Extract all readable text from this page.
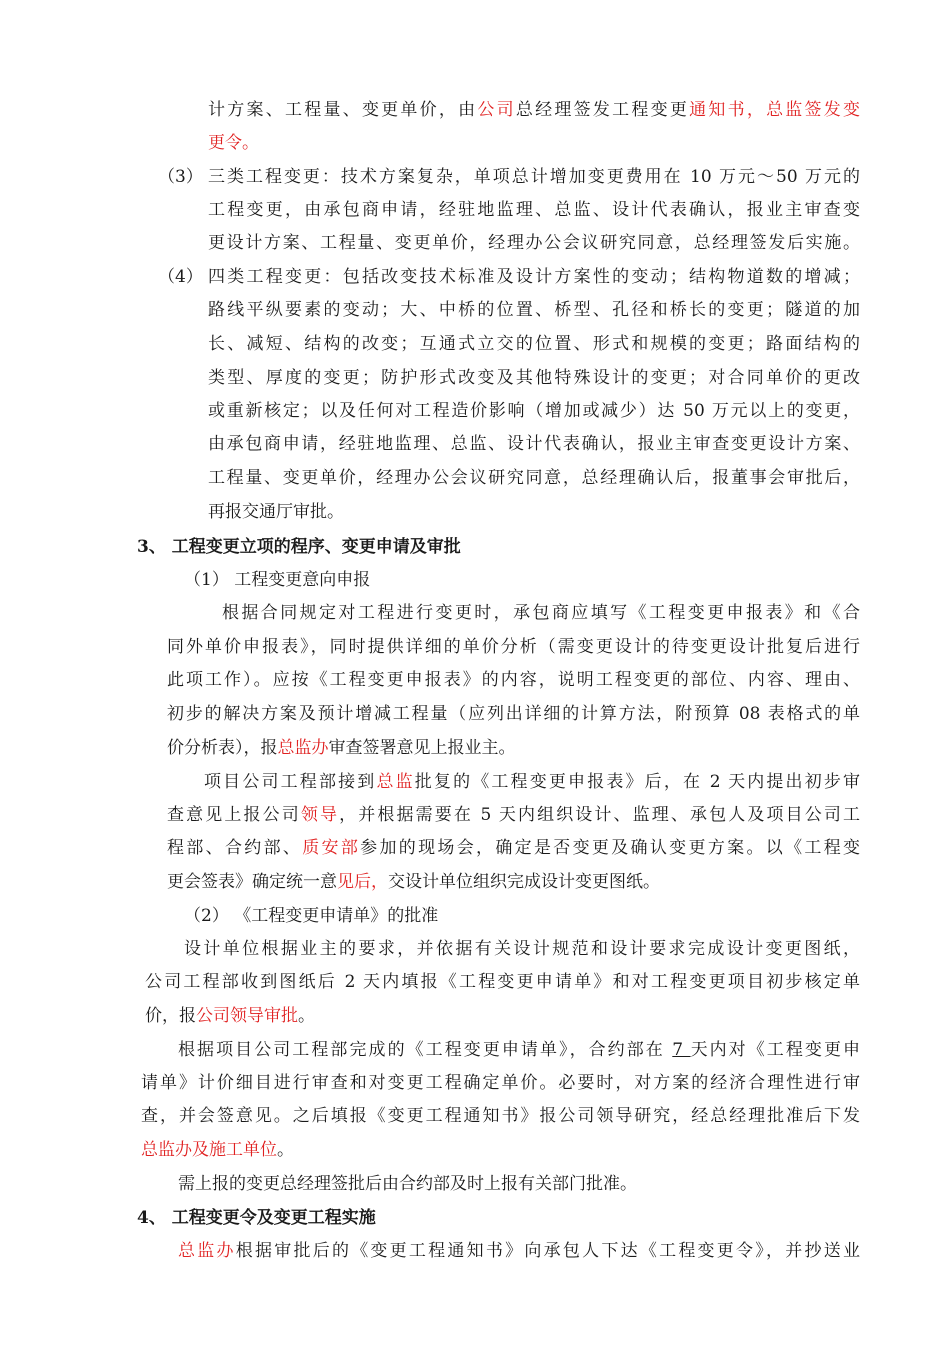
计方案、工程量、变更单价，由公司总经理签发工程变更通知书，总监签发变
更令。
（3） 三类工程变更：技术方案复杂，单项总计增加变更费用在 10 万元～50 万元的
工程变更，由承包商申请，经驻地监理、总监、设计代表确认，报业主审查变
更设计方案、工程量、变更单价，经理办公会议研究同意，总经理签发后实施。
（4） 四类工程变更：包括改变技术标准及设计方案性的变动；结构物道数的增减；
路线平纵要素的变动；大、中桥的位置、桥型、孔径和桥长的变更；隧道的加
长、减短、结构的改变；互通式立交的位置、形式和规模的变更；路面结构的
类型、厚度的变更；防护形式改变及其他特殊设计的变更；对合同单价的更改
或重新核定；以及任何对工程造价影响（增加或减少）达 50 万元以上的变更，
由承包商申请，经驻地监理、总监、设计代表确认，报业主审查变更设计方案、
工程量、变更单价，经理办公会议研究同意，总经理确认后，报董事会审批后，
再报交通厅审批。
3、 工程变更立项的程序、变更申请及审批
（1） 工程变更意向申报
根据合同规定对工程进行变更时，承包商应填写《工程变更申报表》和《合
同外单价申报表》，同时提供详细的单价分析（需变更设计的待变更设计批复后进行
此项工作）。应按《工程变更申报表》的内容，说明工程变更的部位、内容、理由、
初步的解决方案及预计增减工程量（应列出详细的计算方法，附预算 08 表格式的单
价分析表），报总监办审查签署意见上报业主。
项目公司工程部接到总监批复的《工程变更申报表》后，在 2 天内提出初步审
查意见上报公司领导，并根据需要在 5 天内组织设计、监理、承包人及项目公司工
程部、合约部、质安部参加的现场会，确定是否变更及确认变更方案。以《工程变
更会签表》确定统一意见后，交设计单位组织完成设计变更图纸。
（2） 《工程变更申请单》的批准
设计单位根据业主的要求，并依据有关设计规范和设计要求完成设计变更图纸，
公司工程部收到图纸后 2 天内填报《工程变更申请单》和对工程变更项目初步核定单
价，报公司领导审批。
根据项目公司工程部完成的《工程变更申请单》，合约部在 7 天内对《工程变更申
请单》计价细目进行审查和对变更工程确定单价。必要时，对方案的经济合理性进行审
查，并会签意见。之后填报《变更工程通知书》报公司领导研究，经总经理批准后下发
总监办及施工单位。
需上报的变更总经理签批后由合约部及时上报有关部门批准。
4、 工程变更令及变更工程实施
总监办根据审批后的《变更工程通知书》向承包人下达《工程变更令》，并抄送业
